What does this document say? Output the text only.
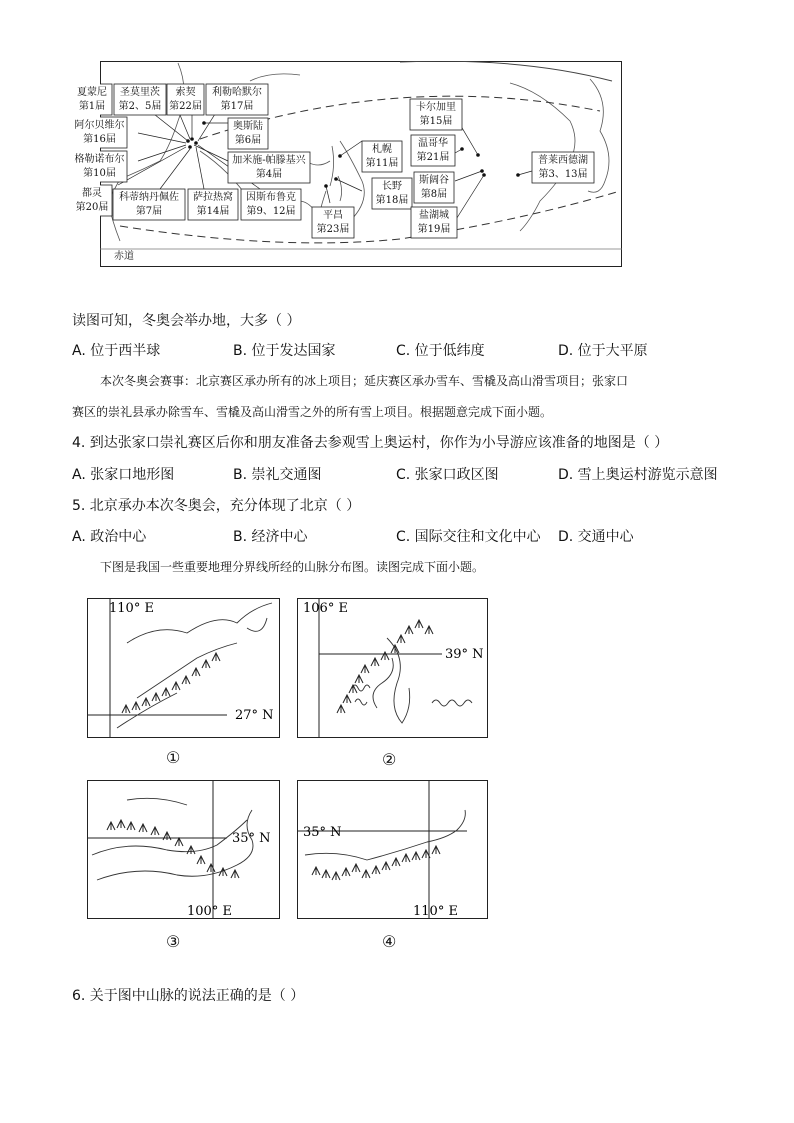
赤道
夏蒙尼
第1届
圣莫里茨
第2、5届
索契
第22届
利勒哈默尔
第17届
阿尔贝维尔
第16届
奥斯陆
第6届
格勒诺布尔
第10届
加米施-帕滕基兴
第4届
都灵
第20届
科蒂纳丹佩佐
第7届
萨拉热窝
第14届
因斯布鲁克
第9、12届
札幌
第11届
长野
第18届
平昌
第23届
卡尔加里
第15届
温哥华
第21届
斯阔谷
第8届
盐湖城
第19届
普莱西德湖
第3、13届
读图可知，冬奥会举办地，大多（ ）
A. 位于西半球	B. 位于发达国家	C. 位于低纬度	D. 位于大平原
本次冬奥会赛事：北京赛区承办所有的冰上项目；延庆赛区承办雪车、雪橇及高山滑雪项目；张家口
赛区的崇礼县承办除雪车、雪橇及高山滑雪之外的所有雪上项目。根据题意完成下面小题。
4. 到达张家口崇礼赛区后你和朋友准备去参观雪上奥运村，你作为小导游应该准备的地图是（ ）
A. 张家口地形图	B. 崇礼交通图	C. 张家口政区图	D. 雪上奥运村游览示意图
5. 北京承办本次冬奥会，充分体现了北京（ ）
A. 政治中心	B. 经济中心	C. 国际交往和文化中心 D. 交通中心
下图是我国一些重要地理分界线所经的山脉分布图。读图完成下面小题。
110° E
27° N
①
106° E
39° N
②
35° N
100° E
③
35° N
110° E
④
6. 关于图中山脉的说法正确的是（ ）
